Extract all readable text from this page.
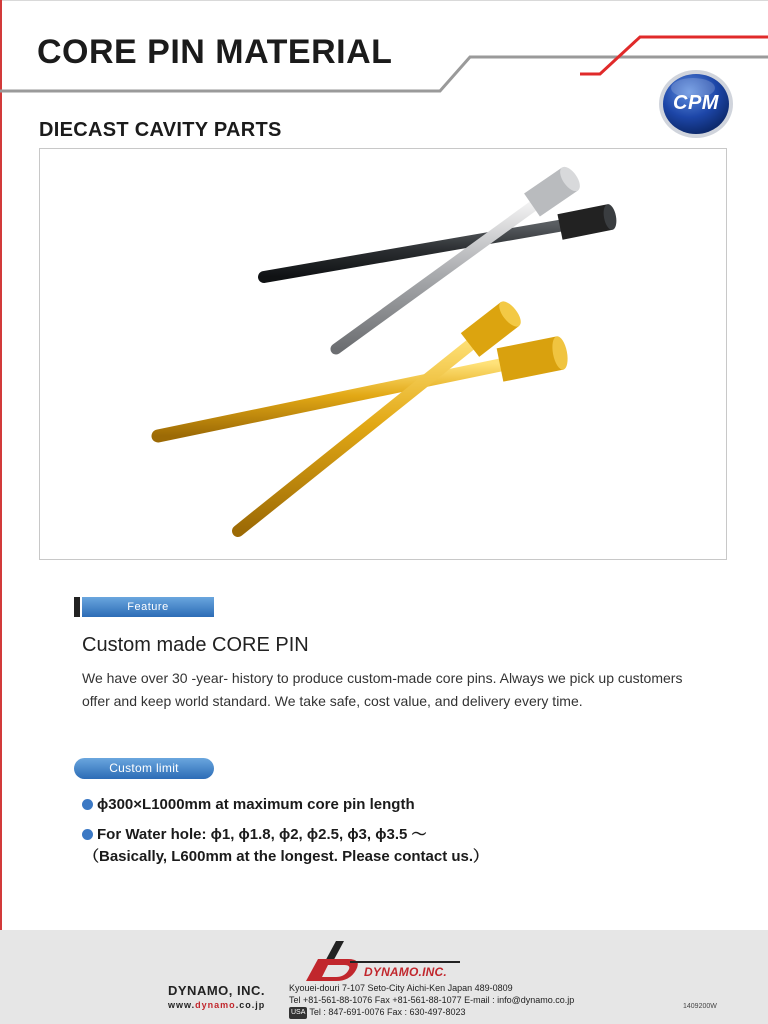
CORE PIN MATERIAL
CPM
DIECAST CAVITY PARTS
Feature
Custom made CORE PIN

We have over 30 -year- history to produce custom-made core pins. Always we pick up customers offer and keep world standard. We take safe, cost value, and delivery every time.

Custom limit
ϕ300×L1000mm at maximum core pin length
For Water hole: ϕ1, ϕ1.8, ϕ2, ϕ2.5, ϕ3, ϕ3.5 ～
（Basically, L600mm at the longest. Please contact us.）
DYNAMO.INC.
DYNAMO, INC.
www.dynamo.co.jp
Kyouei-douri 7-107 Seto-City Aichi-Ken Japan 489-0809
Tel +81-561-88-1076 Fax +81-561-88-1077 E-mail : info@dynamo.co.jp
USA Tel : 847-691-0076 Fax : 630-497-8023
1409200W
